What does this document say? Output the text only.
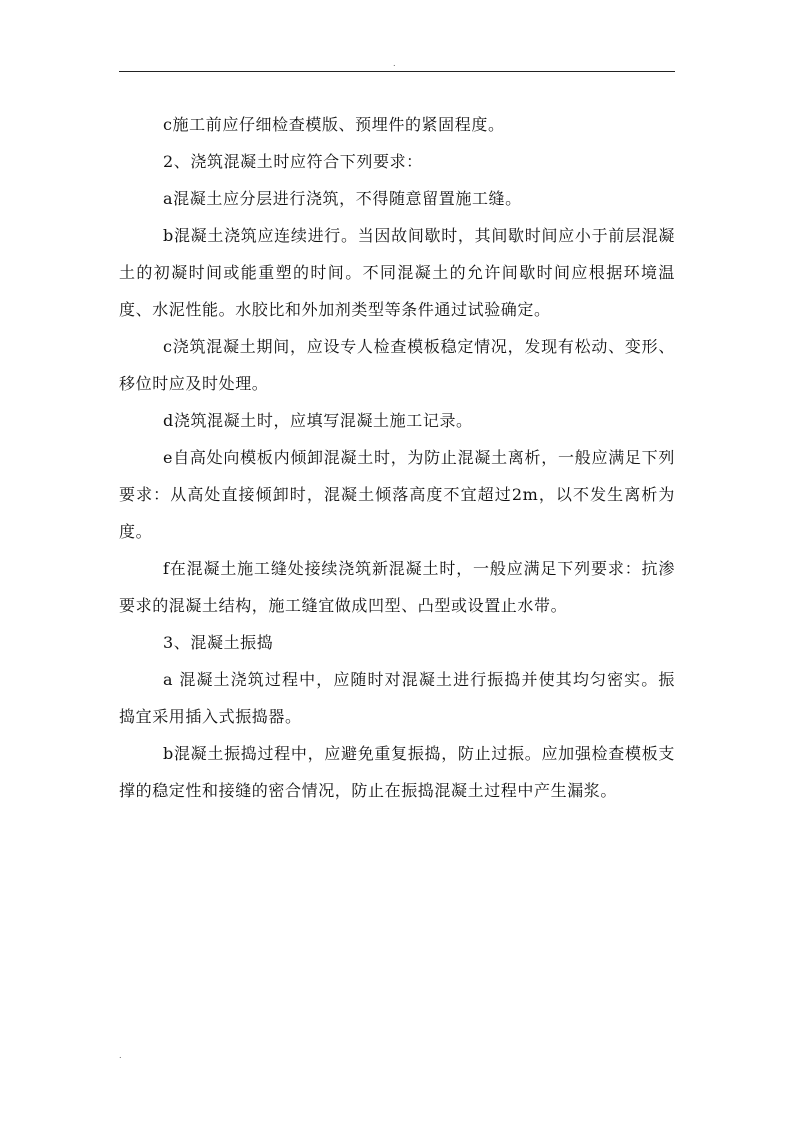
.

c施工前应仔细检查模版、预埋件的紧固程度。

2、浇筑混凝土时应符合下列要求：

a混凝土应分层进行浇筑，不得随意留置施工缝。

b混凝土浇筑应连续进行。当因故间歇时，其间歇时间应小于前层混凝土的初凝时间或能重塑的时间。不同混凝土的允许间歇时间应根据环境温度、水泥性能。水胶比和外加剂类型等条件通过试验确定。

c浇筑混凝土期间，应设专人检查模板稳定情况，发现有松动、变形、移位时应及时处理。

d浇筑混凝土时，应填写混凝土施工记录。

e自高处向模板内倾卸混凝土时，为防止混凝土离析，一般应满足下列要求：从高处直接倾卸时，混凝土倾落高度不宜超过2m，以不发生离析为度。

f在混凝土施工缝处接续浇筑新混凝土时，一般应满足下列要求：抗渗要求的混凝土结构，施工缝宜做成凹型、凸型或设置止水带。

3、混凝土振捣

a 混凝土浇筑过程中，应随时对混凝土进行振捣并使其均匀密实。振捣宜采用插入式振捣器。

b混凝土振捣过程中，应避免重复振捣，防止过振。应加强检查模板支撑的稳定性和接缝的密合情况，防止在振捣混凝土过程中产生漏浆。

.
